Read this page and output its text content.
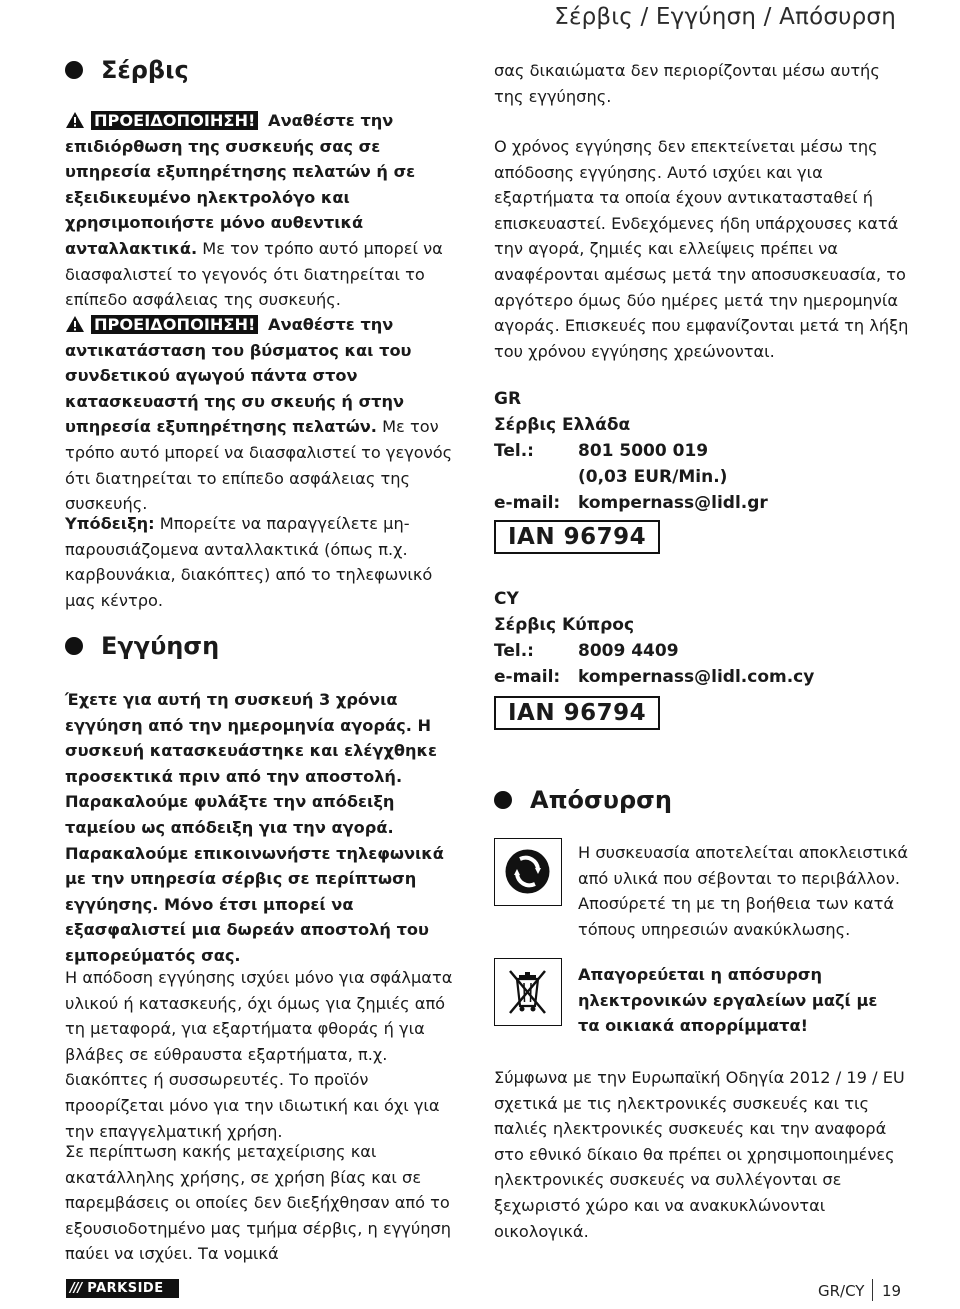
Σέρβις / Εγγύηση / Απόσυρση
Σέρβις

ΠΡΟΕΙΔΟΠΟΙΗΣΗ! Αναθέστε την επιδιόρθωση της συσκευής σας σε υπηρεσία εξυπηρέτησης πελατών ή σε εξειδικευμένο ηλεκτρολόγο και χρησιμοποιήστε μόνο αυθεντικά ανταλλακτικά. Με τον τρόπο αυτό μπορεί να διασφαλιστεί το γεγονός ότι διατηρείται το επίπεδο ασφάλειας της συσκευής.

ΠΡΟΕΙΔΟΠΟΙΗΣΗ! Αναθέστε την αντικατάσταση του βύσματος και του συνδετικού αγωγού πάντα στον κατασκευαστή της συ σκευής ή στην υπηρεσία εξυπηρέτησης πελατών. Με τον τρόπο αυτό μπορεί να διασφαλιστεί το γεγονός ότι διατηρείται το επίπεδο ασφάλειας της συσκευής.

Υπόδειξη: Μπορείτε να παραγγείλετε μη-παρουσιάζομενα ανταλλακτικά (όπως π.χ. καρβουνάκια, διακόπτες) από το τηλεφωνικό μας κέντρο.

Εγγύηση
Έχετε για αυτή τη συσκευή 3 χρόνια εγγύηση από την ημερομηνία αγοράς. Η συσκευή κατασκευάστηκε και ελέγχθηκε προσεκτικά πριν από την αποστολή. Παρακαλούμε φυλάξτε την απόδειξη ταμείου ως απόδειξη για την αγορά. Παρακαλούμε επικοινωνήστε τηλεφωνικά με την υπηρεσία σέρβις σε περίπτωση εγγύησης. Μόνο έτσι μπορεί να εξασφαλιστεί μια δωρεάν αποστολή του εμπορεύματός σας.
Η απόδοση εγγύησης ισχύει μόνο για σφάλματα υλικού ή κατασκευής, όχι όμως για ζημιές από τη μεταφορά, για εξαρτήματα φθοράς ή για βλάβες σε εύθραυστα εξαρτήματα, π.χ. διακόπτες ή συσσωρευτές. Το προϊόν προορίζεται μόνο για την ιδιωτική και όχι για την επαγγελματική χρήση.
Σε περίπτωση κακής μεταχείρισης και ακατάλληλης χρήσης, σε χρήση βίας και σε παρεμβάσεις οι οποίες δεν διεξήχθησαν από το εξουσιοδοτημένο μας τμήμα σέρβις, η εγγύηση παύει να ισχύει. Τα νομικά
σας δικαιώματα δεν περιορίζονται μέσω αυτής της εγγύησης.
Ο χρόνος εγγύησης δεν επεκτείνεται μέσω της απόδοσης εγγύησης. Αυτό ισχύει και για εξαρτήματα τα οποία έχουν αντικατασταθεί ή επισκευαστεί. Ενδεχόμενες ήδη υπάρχουσες κατά την αγορά, ζημιές και ελλείψεις πρέπει να αναφέρονται αμέσως μετά την αποσυσκευασία, το αργότερο όμως δύο ημέρες μετά την ημερομηνία αγοράς. Επισκευές που εμφανίζονται μετά τη λήξη του χρόνου εγγύησης χρεώνονται.
GR
Σέρβις Ελλάδα
Tel.:	801 5000 019
(0,03 EUR/Min.)
e-mail: kompernass@lidl.gr
IAN 96794
CY
Σέρβις Κύπρος
Tel.:	8009 4409
e-mail: kompernass@lidl.com.cy
IAN 96794
Απόσυρση
Η συσκευασία αποτελείται αποκλειστικά από υλικά που σέβονται το περιβάλλον. Αποσύρετέ τη με τη βοήθεια των κατά τόπους υπηρεσιών ανακύκλωσης.
Απαγορεύεται η απόσυρση ηλεκτρονικών εργαλείων μαζί με τα οικιακά απορρίμματα!
Σύμφωνα με την Ευρωπαϊκή Οδηγία 2012 / 19 / EU σχετικά με τις ηλεκτρονικές συσκευές και τις παλιές ηλεκτρονικές συσκευές και την αναφορά στο εθνικό δίκαιο θα πρέπει οι χρησιμοποιημένες ηλεκτρονικές συσκευές να συλλέγονται σε ξεχωριστό χώρο και να ανακυκλώνονται οικολογικά.
/// PARKSIDE	GR/CY 19
